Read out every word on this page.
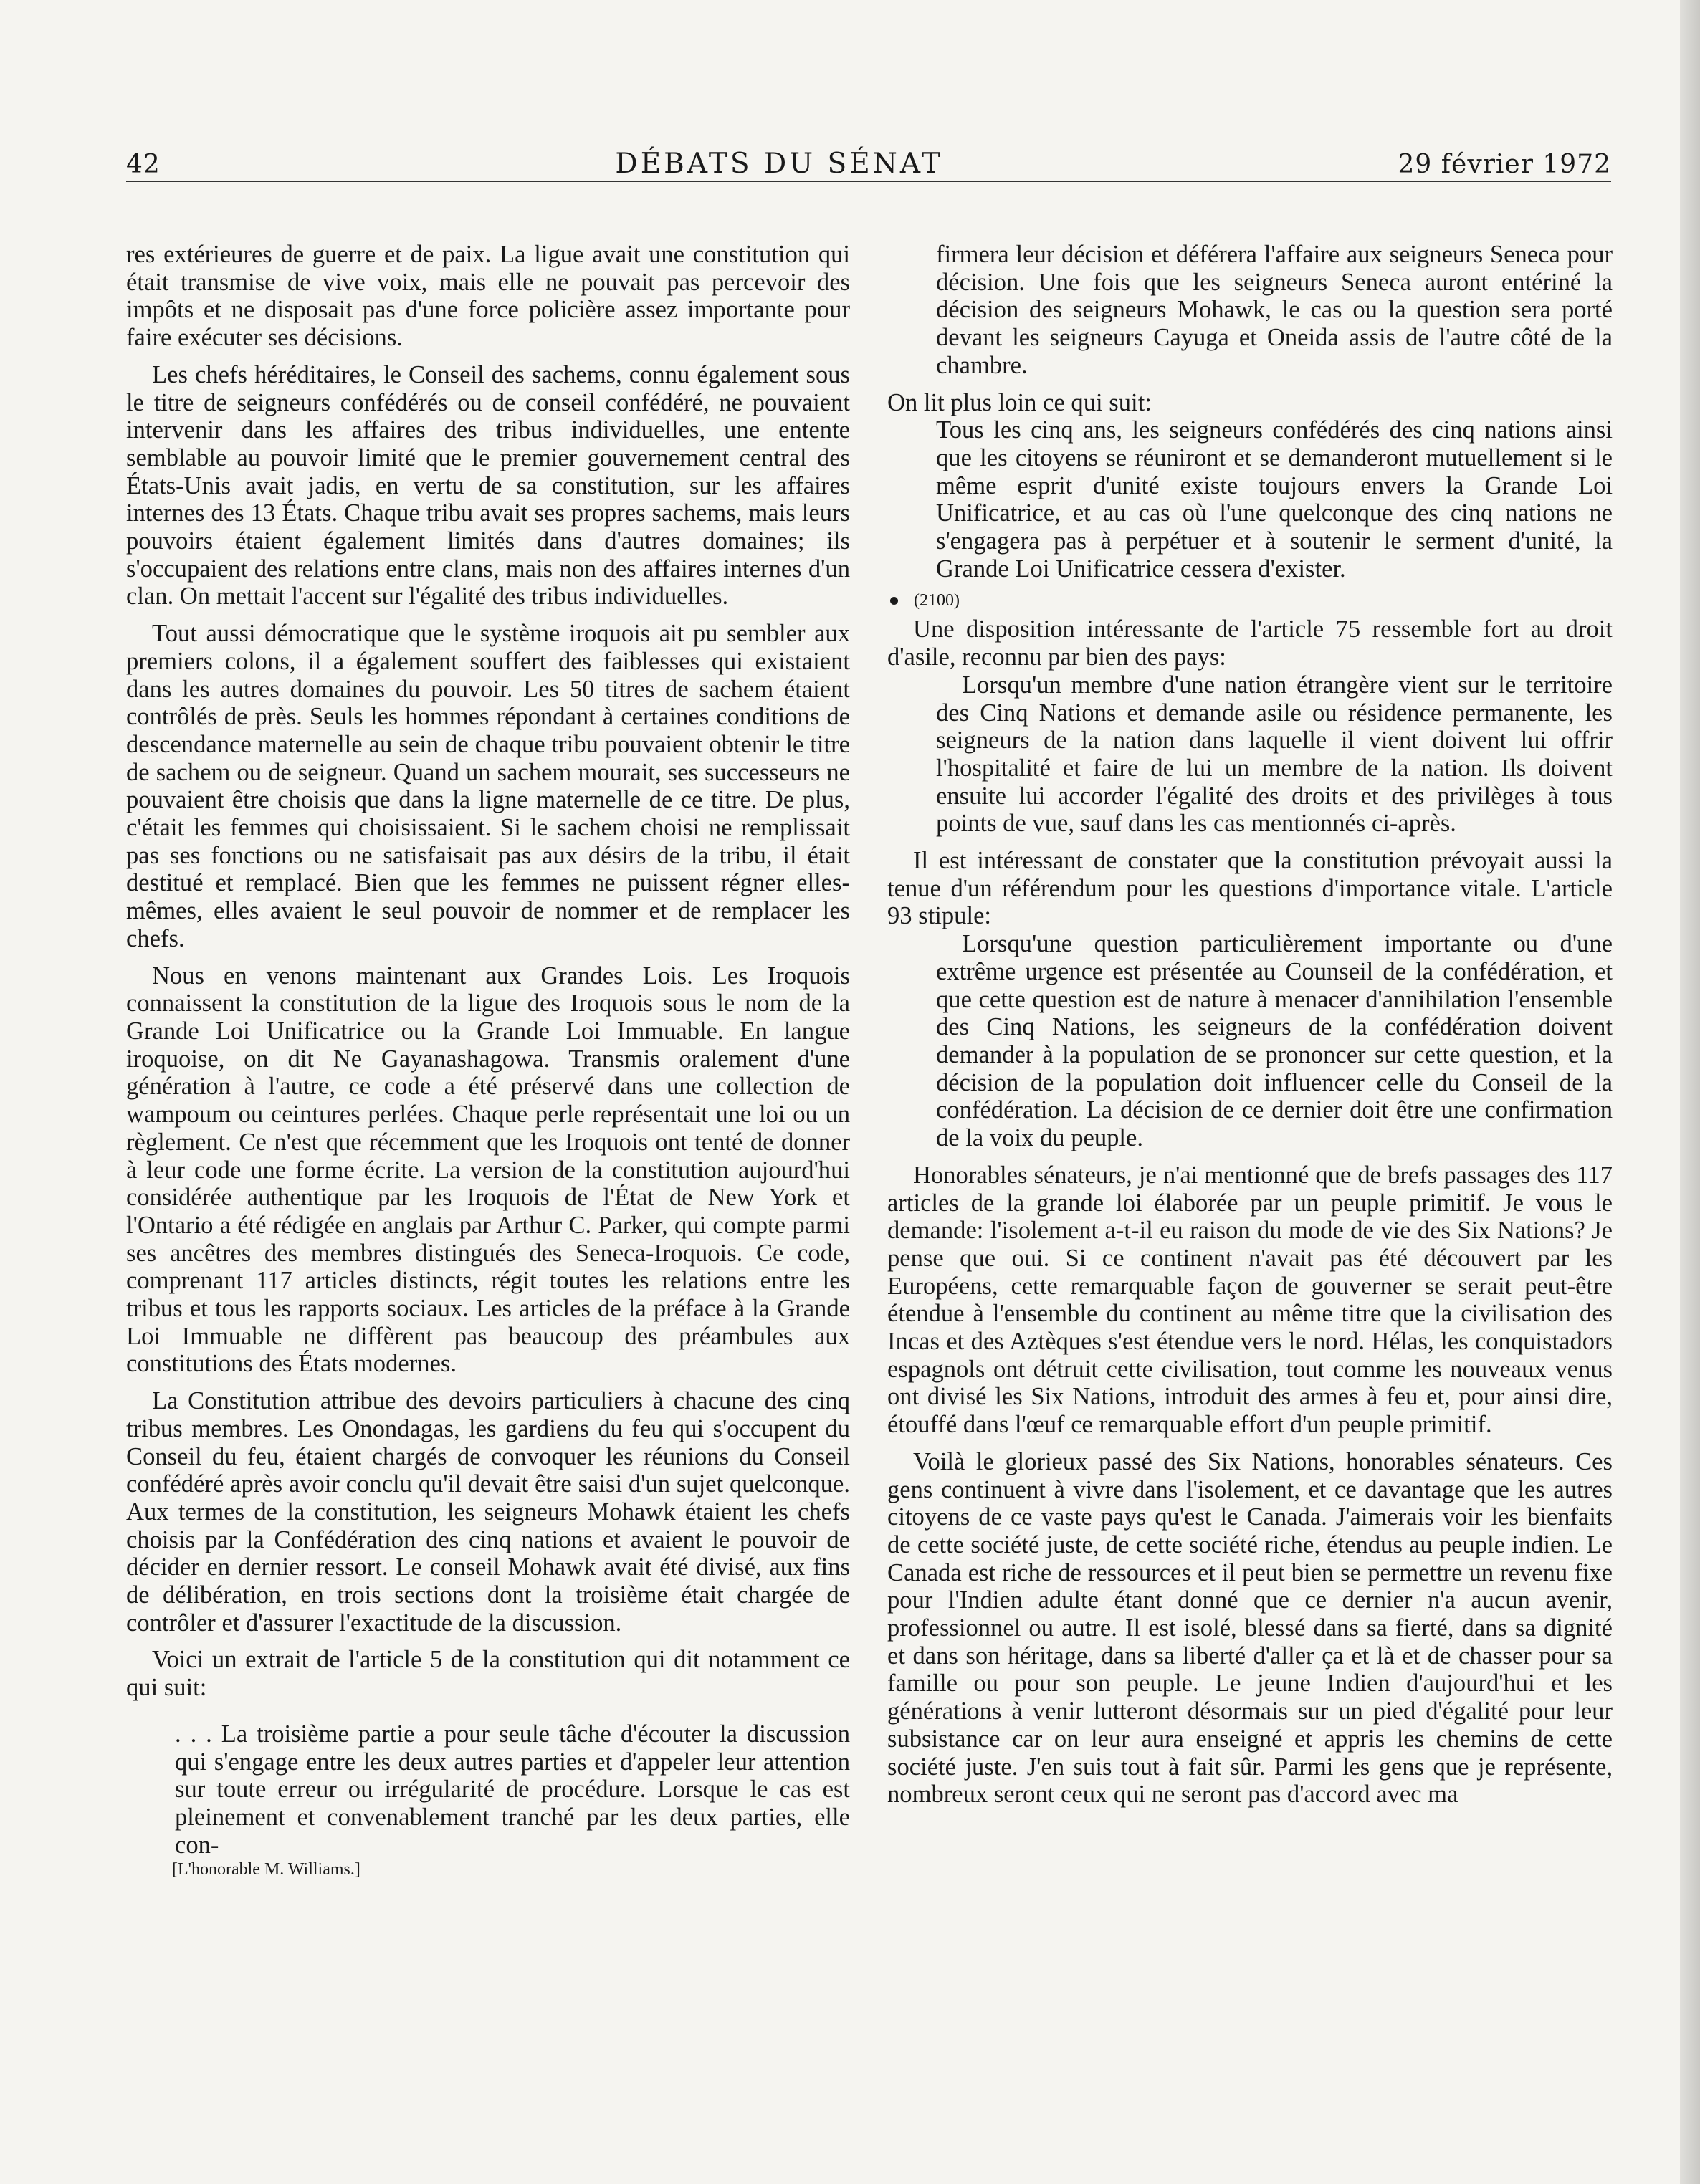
42	DÉBATS DU SÉNAT	29 février 1972

res extérieures de guerre et de paix. La ligue avait une constitution qui était transmise de vive voix, mais elle ne pouvait pas percevoir des impôts et ne disposait pas d'une force policière assez importante pour faire exécuter ses décisions.

Les chefs héréditaires, le Conseil des sachems, connu également sous le titre de seigneurs confédérés ou de conseil confédéré, ne pouvaient intervenir dans les affaires des tribus individuelles, une entente semblable au pouvoir limité que le premier gouvernement central des États-Unis avait jadis, en vertu de sa constitution, sur les affaires internes des 13 États. Chaque tribu avait ses propres sachems, mais leurs pouvoirs étaient également limités dans d'autres domaines; ils s'occupaient des relations entre clans, mais non des affaires internes d'un clan. On mettait l'accent sur l'égalité des tribus individuelles.

Tout aussi démocratique que le système iroquois ait pu sembler aux premiers colons, il a également souffert des faiblesses qui existaient dans les autres domaines du pouvoir. Les 50 titres de sachem étaient contrôlés de près. Seuls les hommes répondant à certaines conditions de descendance maternelle au sein de chaque tribu pouvaient obtenir le titre de sachem ou de seigneur. Quand un sachem mourait, ses successeurs ne pouvaient être choisis que dans la ligne maternelle de ce titre. De plus, c'était les femmes qui choisissaient. Si le sachem choisi ne remplissait pas ses fonctions ou ne satisfaisait pas aux désirs de la tribu, il était destitué et remplacé. Bien que les femmes ne puissent régner elles-mêmes, elles avaient le seul pouvoir de nommer et de remplacer les chefs.

Nous en venons maintenant aux Grandes Lois. Les Iroquois connaissent la constitution de la ligue des Iroquois sous le nom de la Grande Loi Unificatrice ou la Grande Loi Immuable. En langue iroquoise, on dit Ne Gayanashagowa. Transmis oralement d'une génération à l'autre, ce code a été préservé dans une collection de wampoum ou ceintures perlées. Chaque perle représentait une loi ou un règlement. Ce n'est que récemment que les Iroquois ont tenté de donner à leur code une forme écrite. La version de la constitution aujourd'hui considérée authentique par les Iroquois de l'État de New York et l'Ontario a été rédigée en anglais par Arthur C. Parker, qui compte parmi ses ancêtres des membres distingués des Seneca-Iroquois. Ce code, comprenant 117 articles distincts, régit toutes les relations entre les tribus et tous les rapports sociaux. Les articles de la préface à la Grande Loi Immuable ne diffèrent pas beaucoup des préambules aux constitutions des États modernes.

La Constitution attribue des devoirs particuliers à chacune des cinq tribus membres. Les Onondagas, les gardiens du feu qui s'occupent du Conseil du feu, étaient chargés de convoquer les réunions du Conseil confédéré après avoir conclu qu'il devait être saisi d'un sujet quelconque. Aux termes de la constitution, les seigneurs Mohawk étaient les chefs choisis par la Confédération des cinq nations et avaient le pouvoir de décider en dernier ressort. Le conseil Mohawk avait été divisé, aux fins de délibération, en trois sections dont la troisième était chargée de contrôler et d'assurer l'exactitude de la discussion.

Voici un extrait de l'article 5 de la constitution qui dit notamment ce qui suit:

. . . La troisième partie a pour seule tâche d'écouter la discussion qui s'engage entre les deux autres parties et d'appeler leur attention sur toute erreur ou irrégularité de procédure. Lorsque le cas est pleinement et convenablement tranché par les deux parties, elle con-

[L'honorable M. Williams.]

firmera leur décision et déférera l'affaire aux seigneurs Seneca pour décision. Une fois que les seigneurs Seneca auront entériné la décision des seigneurs Mohawk, le cas ou la question sera porté devant les seigneurs Cayuga et Oneida assis de l'autre côté de la chambre.

On lit plus loin ce qui suit:

Tous les cinq ans, les seigneurs confédérés des cinq nations ainsi que les citoyens se réuniront et se demanderont mutuellement si le même esprit d'unité existe toujours envers la Grande Loi Unificatrice, et au cas où l'une quelconque des cinq nations ne s'engagera pas à perpétuer et à soutenir le serment d'unité, la Grande Loi Unificatrice cessera d'exister.

(2100)

Une disposition intéressante de l'article 75 ressemble fort au droit d'asile, reconnu par bien des pays:

Lorsqu'un membre d'une nation étrangère vient sur le territoire des Cinq Nations et demande asile ou résidence permanente, les seigneurs de la nation dans laquelle il vient doivent lui offrir l'hospitalité et faire de lui un membre de la nation. Ils doivent ensuite lui accorder l'égalité des droits et des privilèges à tous points de vue, sauf dans les cas mentionnés ci-après.

Il est intéressant de constater que la constitution prévoyait aussi la tenue d'un référendum pour les questions d'importance vitale. L'article 93 stipule:

Lorsqu'une question particulièrement importante ou d'une extrême urgence est présentée au Counseil de la confédération, et que cette question est de nature à menacer d'annihilation l'ensemble des Cinq Nations, les seigneurs de la confédération doivent demander à la population de se prononcer sur cette question, et la décision de la population doit influencer celle du Conseil de la confédération. La décision de ce dernier doit être une confirmation de la voix du peuple.

Honorables sénateurs, je n'ai mentionné que de brefs passages des 117 articles de la grande loi élaborée par un peuple primitif. Je vous le demande: l'isolement a-t-il eu raison du mode de vie des Six Nations? Je pense que oui. Si ce continent n'avait pas été découvert par les Européens, cette remarquable façon de gouverner se serait peut-être étendue à l'ensemble du continent au même titre que la civilisation des Incas et des Aztèques s'est étendue vers le nord. Hélas, les conquistadors espagnols ont détruit cette civilisation, tout comme les nouveaux venus ont divisé les Six Nations, introduit des armes à feu et, pour ainsi dire, étouffé dans l'œuf ce remarquable effort d'un peuple primitif.

Voilà le glorieux passé des Six Nations, honorables sénateurs. Ces gens continuent à vivre dans l'isolement, et ce davantage que les autres citoyens de ce vaste pays qu'est le Canada. J'aimerais voir les bienfaits de cette société juste, de cette société riche, étendus au peuple indien. Le Canada est riche de ressources et il peut bien se permettre un revenu fixe pour l'Indien adulte étant donné que ce dernier n'a aucun avenir, professionnel ou autre. Il est isolé, blessé dans sa fierté, dans sa dignité et dans son héritage, dans sa liberté d'aller ça et là et de chasser pour sa famille ou pour son peuple. Le jeune Indien d'aujourd'hui et les générations à venir lutteront désormais sur un pied d'égalité pour leur subsistance car on leur aura enseigné et appris les chemins de cette société juste. J'en suis tout à fait sûr. Parmi les gens que je représente, nombreux seront ceux qui ne seront pas d'accord avec ma
